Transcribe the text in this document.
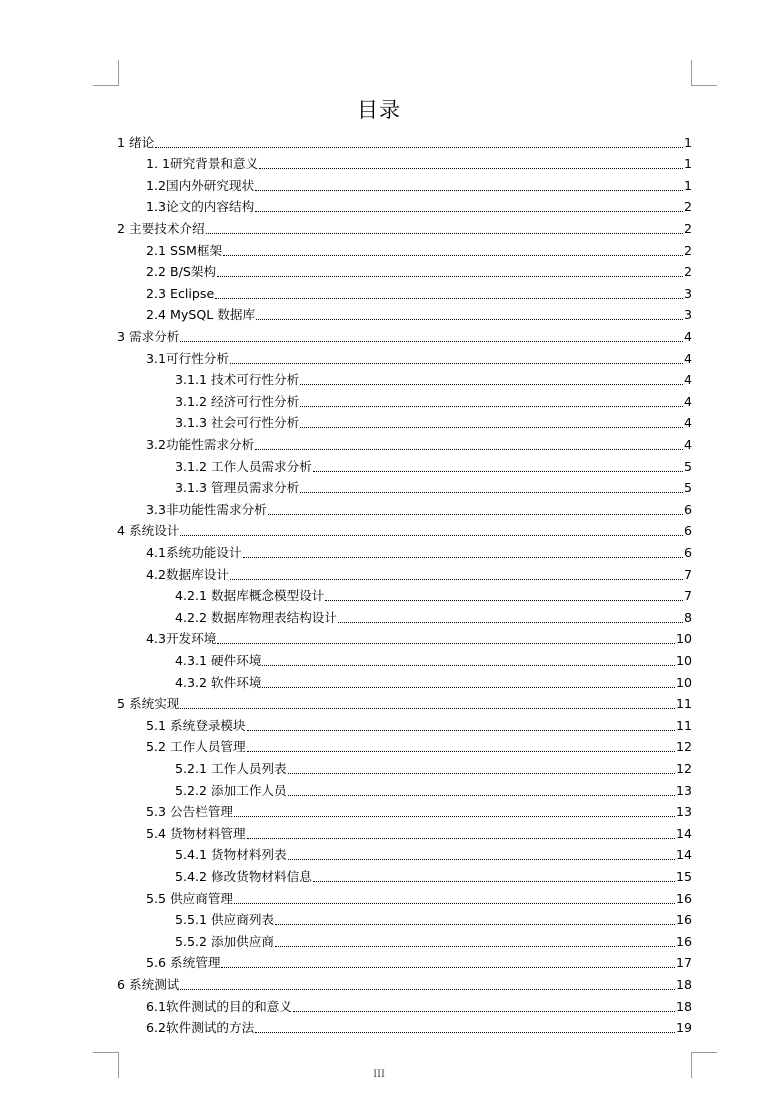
目录
1 绪论	1
1. 1研究背景和意义	1
1.2国内外研究现状	1
1.3论文的内容结构	2
2 主要技术介绍	2
2.1 SSM框架	2
2.2 B/S架构	2
2.3 Eclipse	3
2.4 MySQL 数据库	3
3 需求分析	4
3.1可行性分析	4
3.1.1 技术可行性分析	4
3.1.2 经济可行性分析	4
3.1.3 社会可行性分析	4
3.2功能性需求分析	4
3.1.2 工作人员需求分析	5
3.1.3 管理员需求分析	5
3.3非功能性需求分析	6
4 系统设计	6
4.1系统功能设计	6
4.2数据库设计	7
4.2.1 数据库概念模型设计	7
4.2.2 数据库物理表结构设计	8
4.3开发环境	10
4.3.1 硬件环境	10
4.3.2 软件环境	10
5 系统实现	11
5.1 系统登录模块	11
5.2 工作人员管理	12
5.2.1 工作人员列表	12
5.2.2 添加工作人员	13
5.3 公告栏管理	13
5.4 货物材料管理	14
5.4.1 货物材料列表	14
5.4.2 修改货物材料信息	15
5.5 供应商管理	16
5.5.1 供应商列表	16
5.5.2 添加供应商	16
5.6 系统管理	17
6 系统测试	18
6.1软件测试的目的和意义	18
6.2软件测试的方法	19
III
